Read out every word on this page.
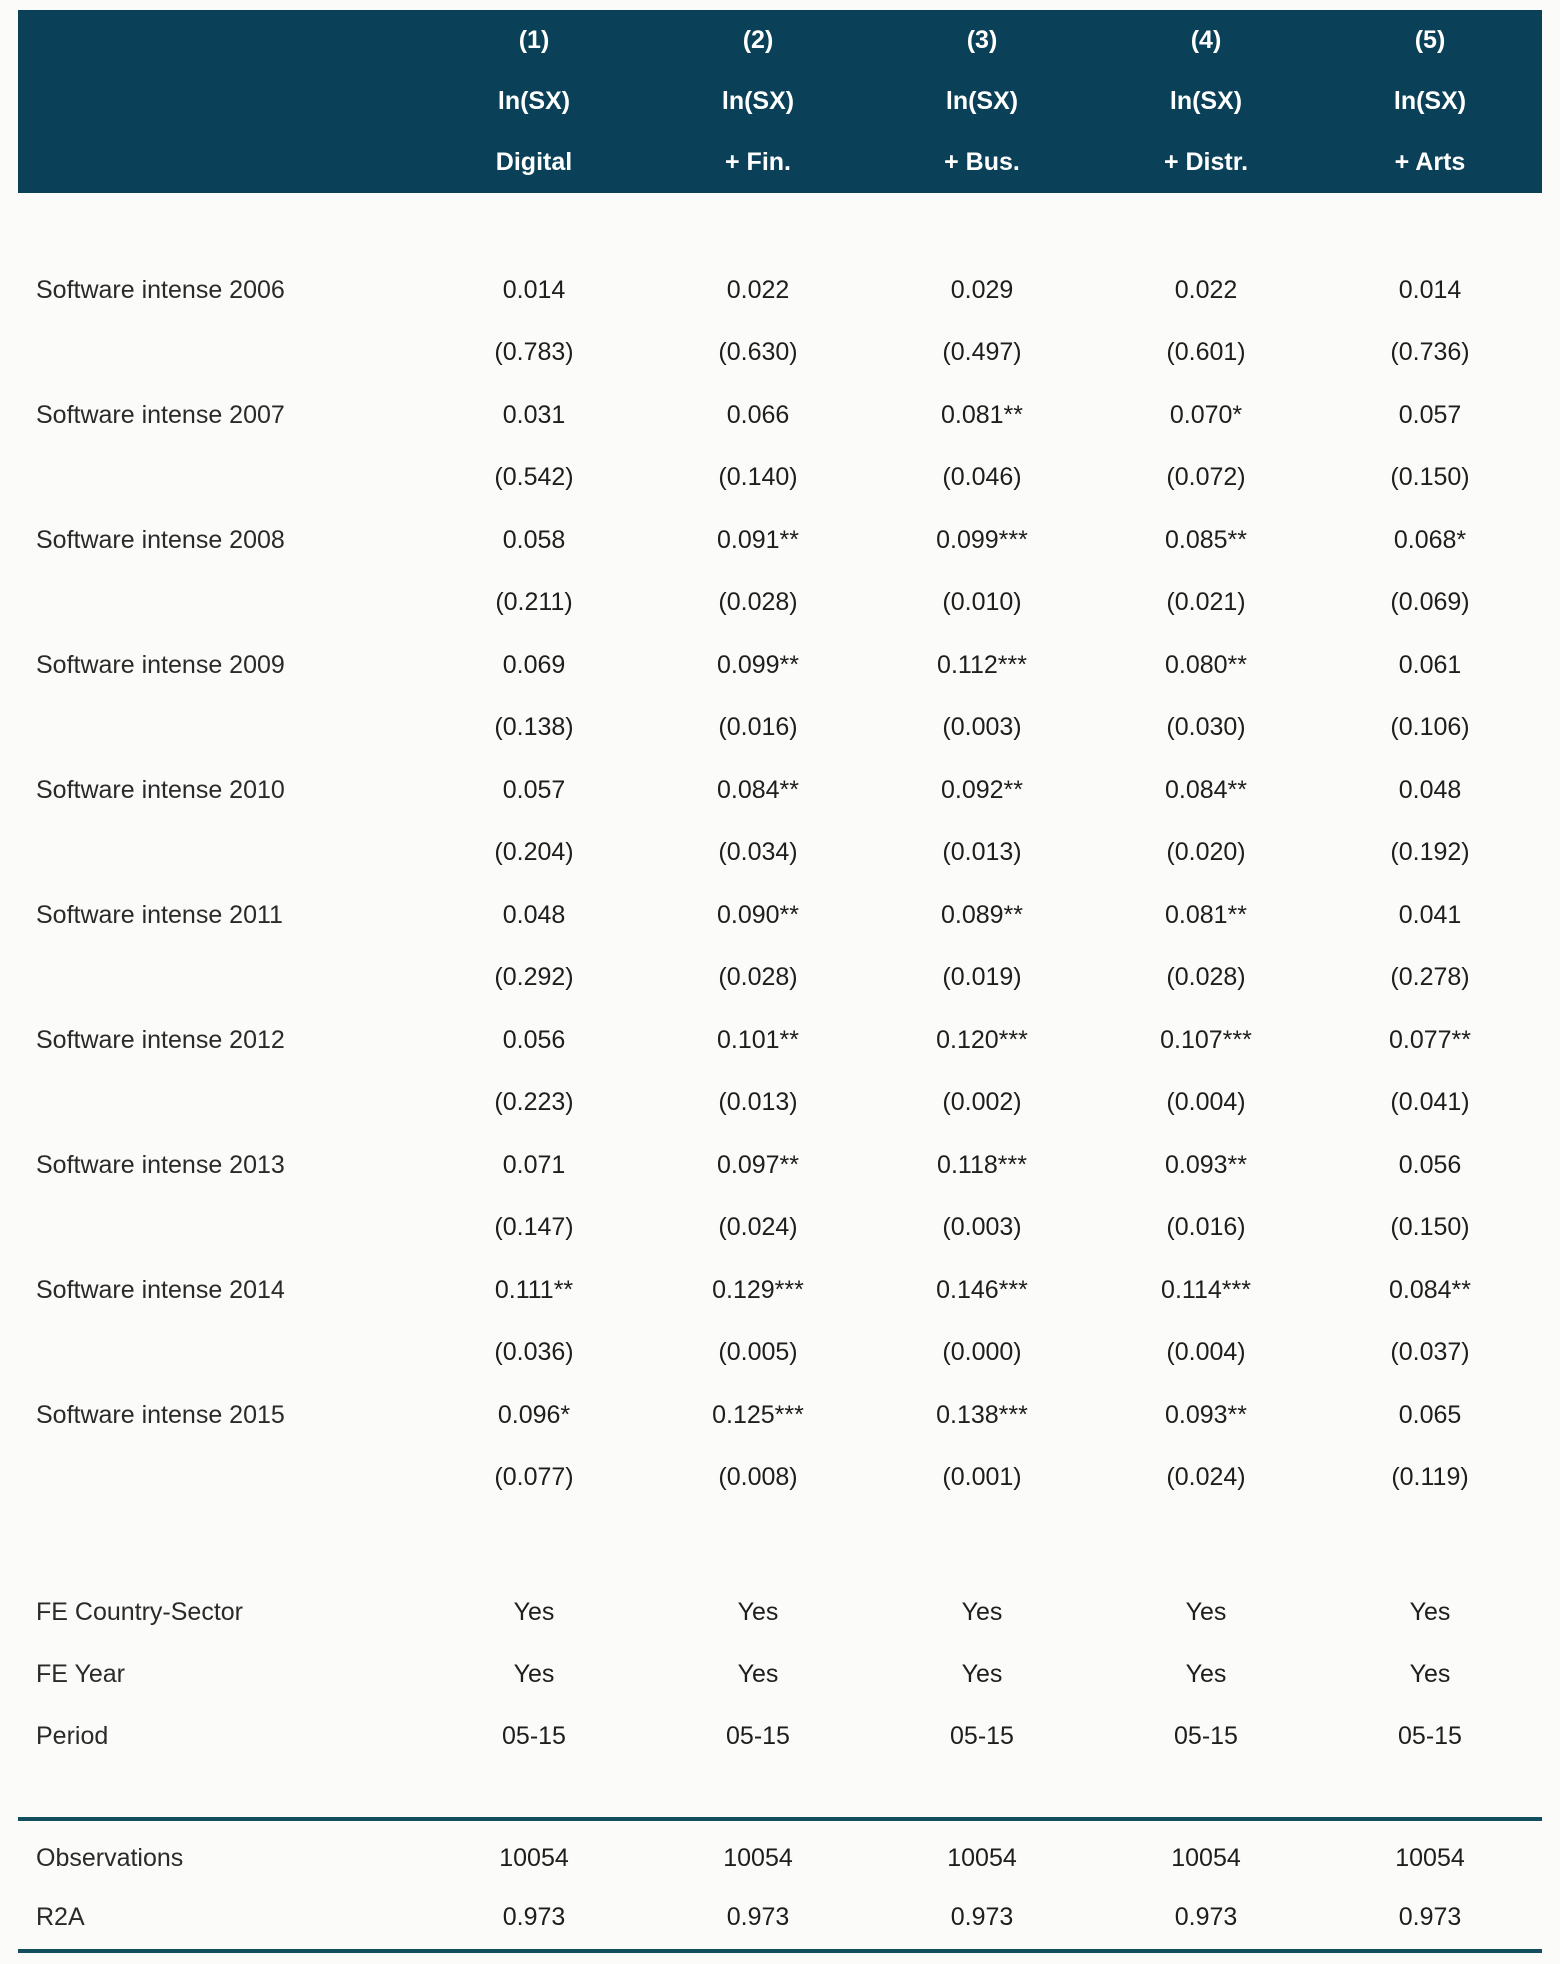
(1)	(2)	(3)	(4)	(5)
ln(SX)	ln(SX)	ln(SX)	ln(SX)	ln(SX)
Digital	+ Fin.	+ Bus.	+ Distr.	+ Arts
Software intense 2006	0.014	0.022	0.029	0.022	0.014
(0.783)	(0.630)	(0.497)	(0.601)	(0.736)
Software intense 2007	0.031	0.066	0.081**	0.070*	0.057
(0.542)	(0.140)	(0.046)	(0.072)	(0.150)
Software intense 2008	0.058	0.091**	0.099***	0.085**	0.068*
(0.211)	(0.028)	(0.010)	(0.021)	(0.069)
Software intense 2009	0.069	0.099**	0.112***	0.080**	0.061
(0.138)	(0.016)	(0.003)	(0.030)	(0.106)
Software intense 2010	0.057	0.084**	0.092**	0.084**	0.048
(0.204)	(0.034)	(0.013)	(0.020)	(0.192)
Software intense 2011	0.048	0.090**	0.089**	0.081**	0.041
(0.292)	(0.028)	(0.019)	(0.028)	(0.278)
Software intense 2012	0.056	0.101**	0.120***	0.107***	0.077**
(0.223)	(0.013)	(0.002)	(0.004)	(0.041)
Software intense 2013	0.071	0.097**	0.118***	0.093**	0.056
(0.147)	(0.024)	(0.003)	(0.016)	(0.150)
Software intense 2014	0.111**	0.129***	0.146***	0.114***	0.084**
(0.036)	(0.005)	(0.000)	(0.004)	(0.037)
Software intense 2015	0.096*	0.125***	0.138***	0.093**	0.065
(0.077)	(0.008)	(0.001)	(0.024)	(0.119)
FE Country-Sector	Yes	Yes	Yes	Yes	Yes
FE Year	Yes	Yes	Yes	Yes	Yes
Period	05-15	05-15	05-15	05-15	05-15
Observations	10054	10054	10054	10054	10054
R2A	0.973	0.973	0.973	0.973	0.973
